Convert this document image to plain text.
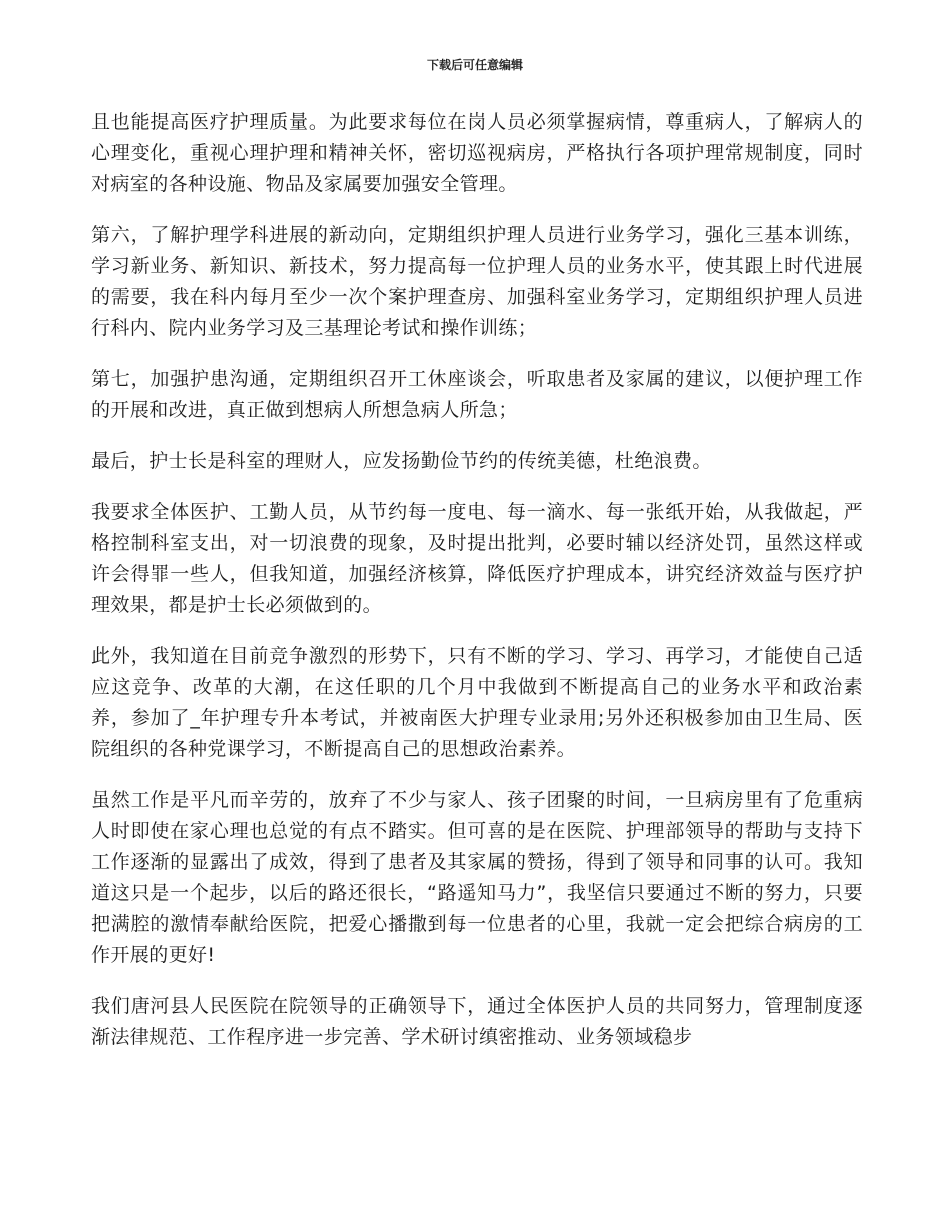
下载后可任意编辑

且也能提高医疗护理质量。为此要求每位在岗人员必须掌握病情，尊重病人，了解病人的心理变化，重视心理护理和精神关怀，密切巡视病房，严格执行各项护理常规制度，同时对病室的各种设施、物品及家属要加强安全管理。

第六，了解护理学科进展的新动向，定期组织护理人员进行业务学习，强化三基本训练，学习新业务、新知识、新技术，努力提高每一位护理人员的业务水平，使其跟上时代进展的需要，我在科内每月至少一次个案护理查房、加强科室业务学习，定期组织护理人员进行科内、院内业务学习及三基理论考试和操作训练；

第七，加强护患沟通，定期组织召开工休座谈会，听取患者及家属的建议，以便护理工作的开展和改进，真正做到想病人所想急病人所急；

最后，护士长是科室的理财人，应发扬勤俭节约的传统美德，杜绝浪费。

我要求全体医护、工勤人员，从节约每一度电、每一滴水、每一张纸开始，从我做起，严格控制科室支出，对一切浪费的现象，及时提出批判，必要时辅以经济处罚，虽然这样或许会得罪一些人，但我知道，加强经济核算，降低医疗护理成本，讲究经济效益与医疗护理效果，都是护士长必须做到的。

此外，我知道在目前竞争激烈的形势下，只有不断的学习、学习、再学习，才能使自己适应这竞争、改革的大潮，在这任职的几个月中我做到不断提高自己的业务水平和政治素养，参加了_年护理专升本考试，并被南医大护理专业录用;另外还积极参加由卫生局、医院组织的各种党课学习，不断提高自己的思想政治素养。

虽然工作是平凡而辛劳的，放弃了不少与家人、孩子团聚的时间，一旦病房里有了危重病人时即使在家心理也总觉的有点不踏实。但可喜的是在医院、护理部领导的帮助与支持下工作逐渐的显露出了成效，得到了患者及其家属的赞扬，得到了领导和同事的认可。我知道这只是一个起步，以后的路还很长，“路遥知马力”，我坚信只要通过不断的努力，只要把满腔的激情奉献给医院，把爱心播撒到每一位患者的心里，我就一定会把综合病房的工作开展的更好!

我们唐河县人民医院在院领导的正确领导下，通过全体医护人员的共同努力，管理制度逐渐法律规范、工作程序进一步完善、学术研讨缜密推动、业务领域稳步
